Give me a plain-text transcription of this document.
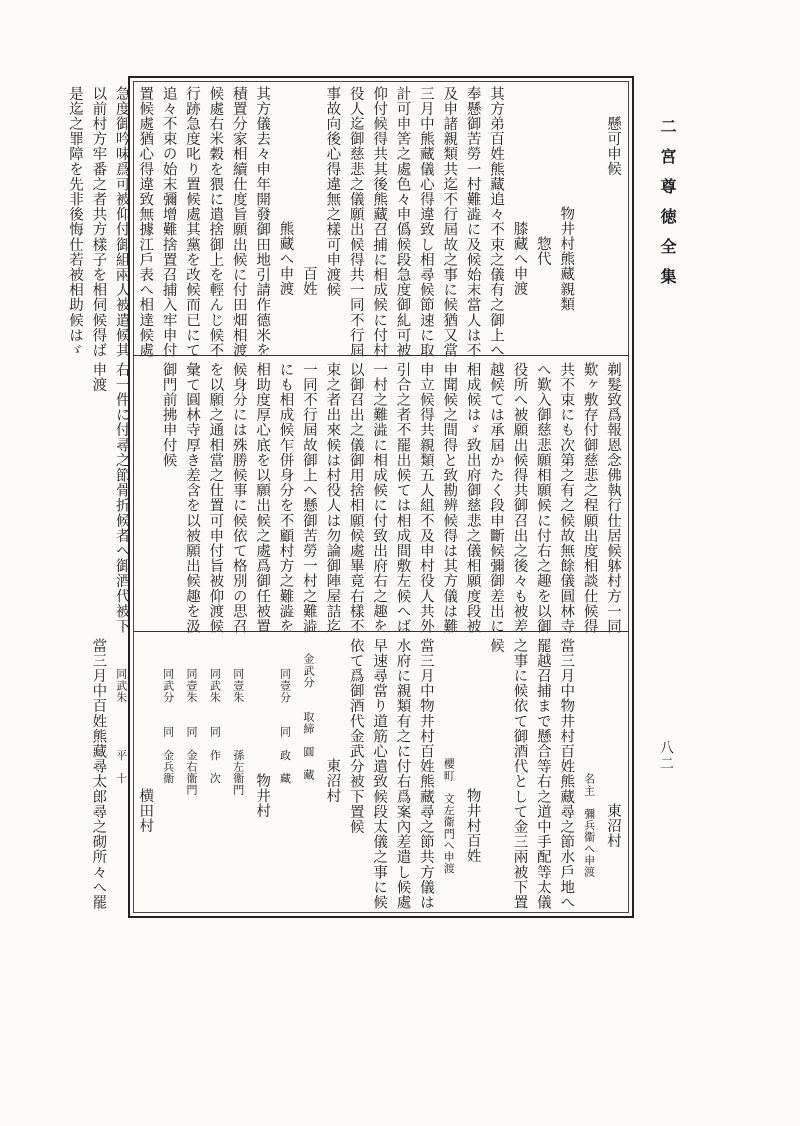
二宮尊徳全集
八二
懸可申候
物井村熊藏親類
惣代
膝藏へ申渡
其方弟百姓熊藏追々不束之儀有之御上へ
奉懸御苦勞一村難澁に及候始末當人は不
及申諸親類共迄不行屆故之事に候猶又當
三月中熊藏儀心得違致し相尋候節速に取
計可申筈之處色々申僞候段急度御糺可被
仰付候得共其後熊藏召捕に相成候に付村
役人迄御慈悲之儀願出候得共一同不行屆
事故向後心得違無之樣可申渡候
百姓
熊藏へ申渡
其方儀去々申年開發御田地引請作德米を
積置分家相續仕度旨願出候に付田畑相渡
候處右米穀を猥に遣捨御上を輕んじ候不
行跡急度叱り置候處其黨を改候而已にて
追々不束の始末彌增難捨置召捕入牢申付
置候處猶心得違致無據江戶表へ相達候處
急度御吟味爲可被仰付御組兩人被遣候其
以前村方牢番之者共方樣子を相伺候得ば
是迄之罪障を先非後悔仕若被相助候はゞ
剃髮致爲報恩念佛執行仕居候躰村方一同
歎ヶ敷存付御慈悲之程願出度相談仕候得
共不束にも次第之有之候故無餘儀圓林寺
へ歎入御慈悲願相願候に付右之趣を以御
役所へ被願出候得共御召出之後々も被差
越候ては承屆かたく段申斷候彌御差出に
相成候はゞ致出府御慈悲之儀相願度段被
申聞候之間得と致勘辨候得は其方儀は難
申立候得共親類五人組不及申村役人共外
引合之者不罷出候ては相成間敷左候へば
一村之難澁に相成候に付致出府右之趣を
以御召出之儀御用捨相願候處畢竟右樣不
束之者出來候は村役人は勿論御陣屋詰迄
一同不行屆故御上へ懸御苦勞一村之難澁
にも相成候乍併身分を不顧村方之難澁を
相助度厚心底を以願出候之處爲御任被置
候身分には殊勝候事に候依て格別の思召
を以願之通相當之仕置可申付旨被仰渡候
彙て圓林寺厚き差含を以被願出候趣を汲
御門前拂申付候
右一件に付尋之節骨折候者へ御酒代被下
申渡
東沼村
名主　彌兵衞へ申渡
當三月中物井村百姓熊藏尋之節水戶地へ
罷越召捕まで懸合等右之道中手配等太儀
之事に候依て御酒代として金三兩被下置
候
物井村百姓
櫻町　文左衞門へ申渡
當三月中物井村百姓熊藏尋之節共方儀は
水府に親類有之に付右爲案內差遣し候處
早速尋當り道筋心遣致候段太儀之事に候
依て爲御酒代金武分被下置候
東沼村
金武分　　取締　圓　藏
同壹分　　同　政　藏
物井村
同壹朱　　　　孫左衞門
同武朱　　同　作　次
同壹朱　　同　金右衞門
同武分　　同　金兵衞
横田村
同武朱　　　　平　十
當三月中百姓熊藏尋太郎尋之砌所々へ罷
